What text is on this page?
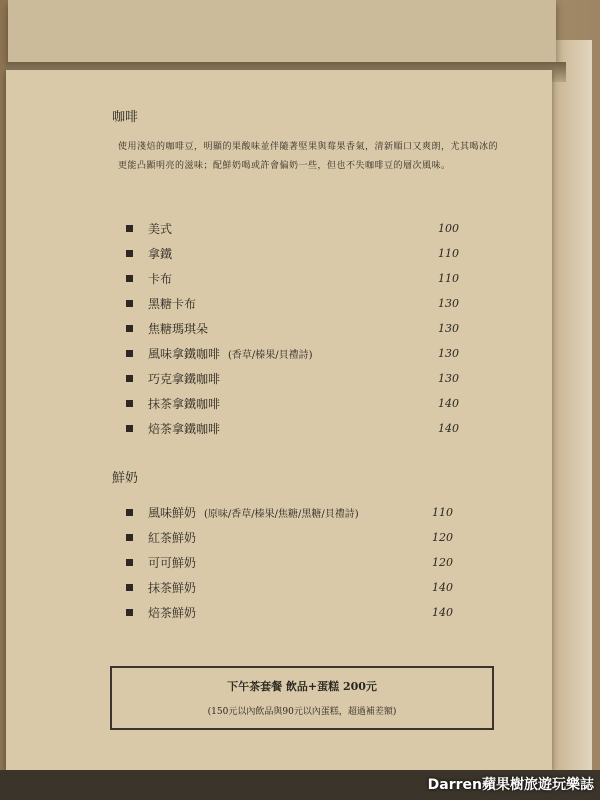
咖啡
使用淺焙的咖啡豆，明顯的果酸味並伴隨著堅果與莓果香氣，清新順口又爽朗，尤其喝冰的更能凸顯明亮的滋味；配鮮奶喝或許會偏奶一些，但也不失咖啡豆的層次風味。
美式	100
拿鐵	110
卡布	110
黑糖卡布	130
焦糖瑪琪朵	130
風味拿鐵咖啡 (香草/榛果/貝禮詩)	130
巧克拿鐵咖啡	130
抹茶拿鐵咖啡	140
焙茶拿鐵咖啡	140
鮮奶
風味鮮奶 (原味/香草/榛果/焦糖/黑糖/貝禮詩)	110
紅茶鮮奶	120
可可鮮奶	120
抹茶鮮奶	140
焙茶鮮奶	140
下午茶套餐 飲品+蛋糕 200元
(150元以內飲品與90元以內蛋糕，超過補差額)
Darren蘋果樹旅遊玩樂誌
